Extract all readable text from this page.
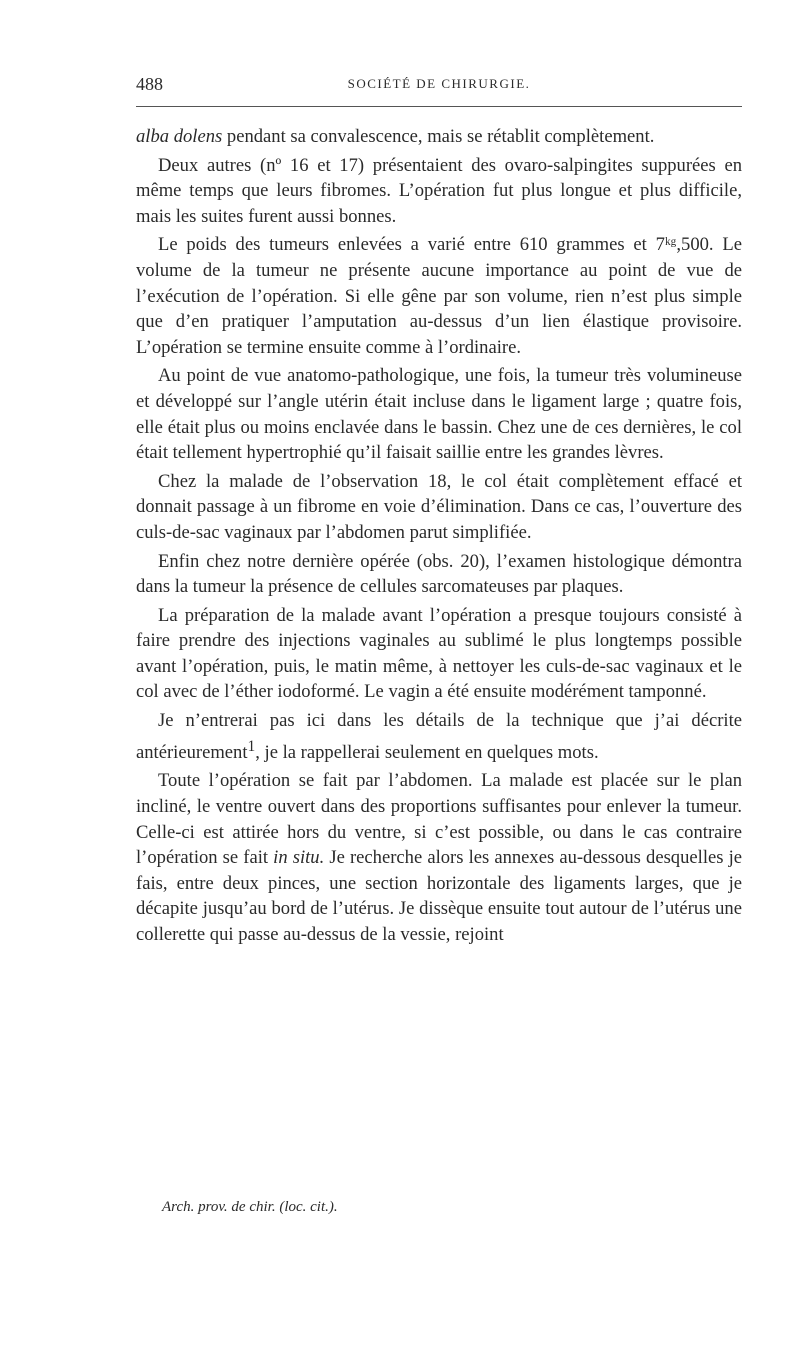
488	SOCIÉTÉ DE CHIRURGIE.

alba dolens pendant sa convalescence, mais se rétablit complètement.

Deux autres (nº 16 et 17) présentaient des ovaro-salpingites suppurées en même temps que leurs fibromes. L’opération fut plus longue et plus difficile, mais les suites furent aussi bonnes.

Le poids des tumeurs enlevées a varié entre 610 grammes et 7ᵏᵍ,500. Le volume de la tumeur ne présente aucune importance au point de vue de l’exécution de l’opération. Si elle gêne par son volume, rien n’est plus simple que d’en pratiquer l’amputation au-dessus d’un lien élastique provisoire. L’opération se termine ensuite comme à l’ordinaire.

Au point de vue anatomo-pathologique, une fois, la tumeur très volumineuse et développé sur l’angle utérin était incluse dans le ligament large ; quatre fois, elle était plus ou moins enclavée dans le bassin. Chez une de ces dernières, le col était tellement hypertrophié qu’il faisait saillie entre les grandes lèvres.

Chez la malade de l’observation 18, le col était complètement effacé et donnait passage à un fibrome en voie d’élimination. Dans ce cas, l’ouverture des culs-de-sac vaginaux par l’abdomen parut simplifiée.

Enfin chez notre dernière opérée (obs. 20), l’examen histologique démontra dans la tumeur la présence de cellules sarcomateuses par plaques.

La préparation de la malade avant l’opération a presque toujours consisté à faire prendre des injections vaginales au sublimé le plus longtemps possible avant l’opération, puis, le matin même, à nettoyer les culs-de-sac vaginaux et le col avec de l’éther iodoformé. Le vagin a été ensuite modérément tamponné.

Je n’entrerai pas ici dans les détails de la technique que j’ai décrite antérieurement$^1$, je la rappellerai seulement en quelques mots.

Toute l’opération se fait par l’abdomen. La malade est placée sur le plan incliné, le ventre ouvert dans des proportions suffisantes pour enlever la tumeur. Celle-ci est attirée hors du ventre, si c’est possible, ou dans le cas contraire l’opération se fait in situ. Je recherche alors les annexes au-dessous desquelles je fais, entre deux pinces, une section horizontale des ligaments larges, que je décapite jusqu’au bord de l’utérus. Je dissèque ensuite tout autour de l’utérus une collerette qui passe au-dessus de la vessie, rejoint

Arch. prov. de chir. (loc. cit.).
